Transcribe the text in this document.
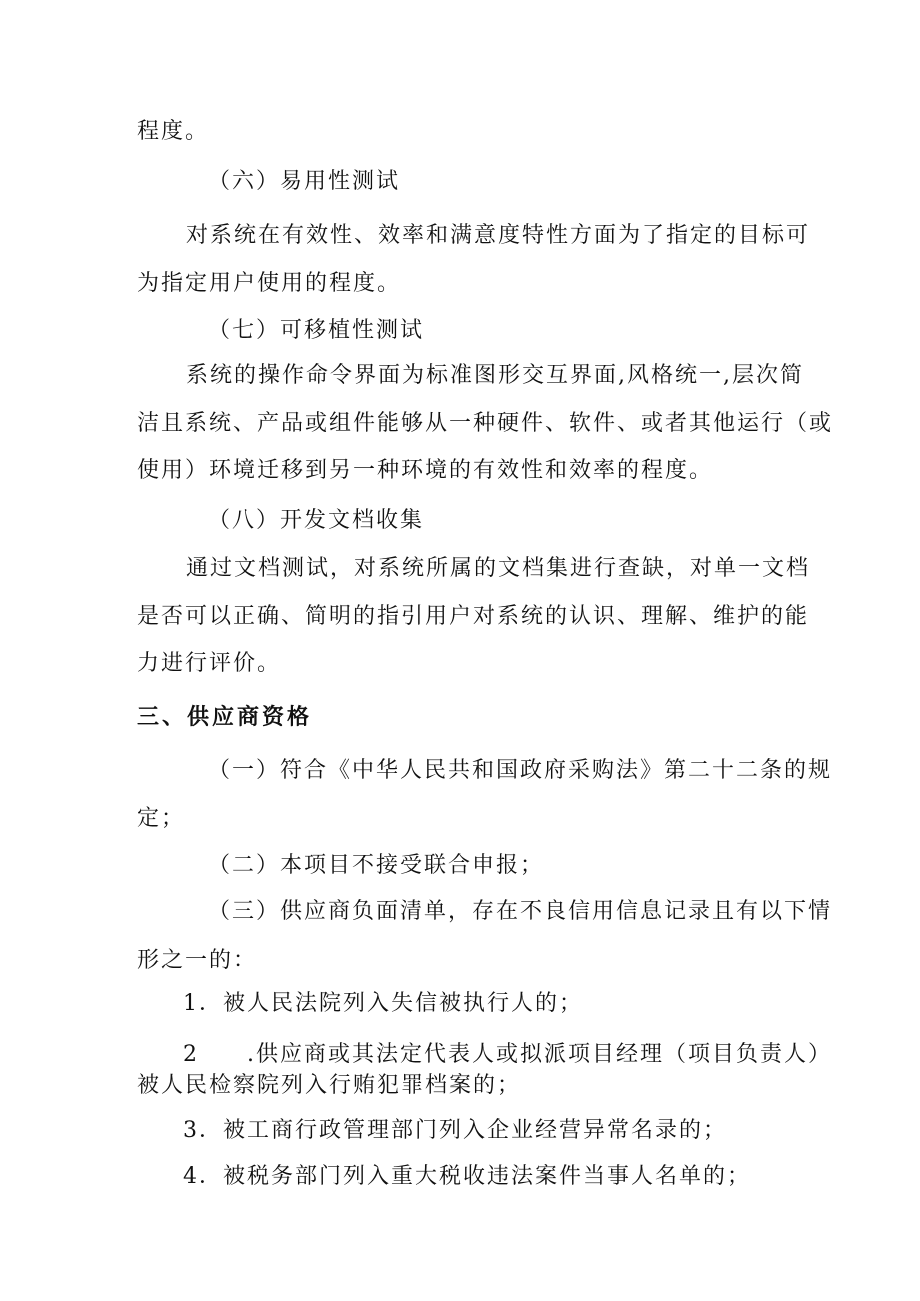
程度。

（六）易用性测试

对系统在有效性、效率和满意度特性方面为了指定的目标可

为指定用户使用的程度。

（七）可移植性测试

系统的操作命令界面为标准图形交互界面,风格统一,层次简

洁且系统、产品或组件能够从一种硬件、软件、或者其他运行（或

使用）环境迁移到另一种环境的有效性和效率的程度。

（八）开发文档收集

通过文档测试，对系统所属的文档集进行查缺，对单一文档

是否可以正确、简明的指引用户对系统的认识、理解、维护的能

力进行评价。

三、供应商资格

（一）符合《中华人民共和国政府采购法》第二十二条的规

定；

（二）本项目不接受联合申报；

（三）供应商负面清单，存在不良信用信息记录且有以下情

形之一的：

1．被人民法院列入失信被执行人的；

2　　.供应商或其法定代表人或拟派项目经理（项目负责人）

被人民检察院列入行贿犯罪档案的；

3．被工商行政管理部门列入企业经营异常名录的；

4．被税务部门列入重大税收违法案件当事人名单的；
